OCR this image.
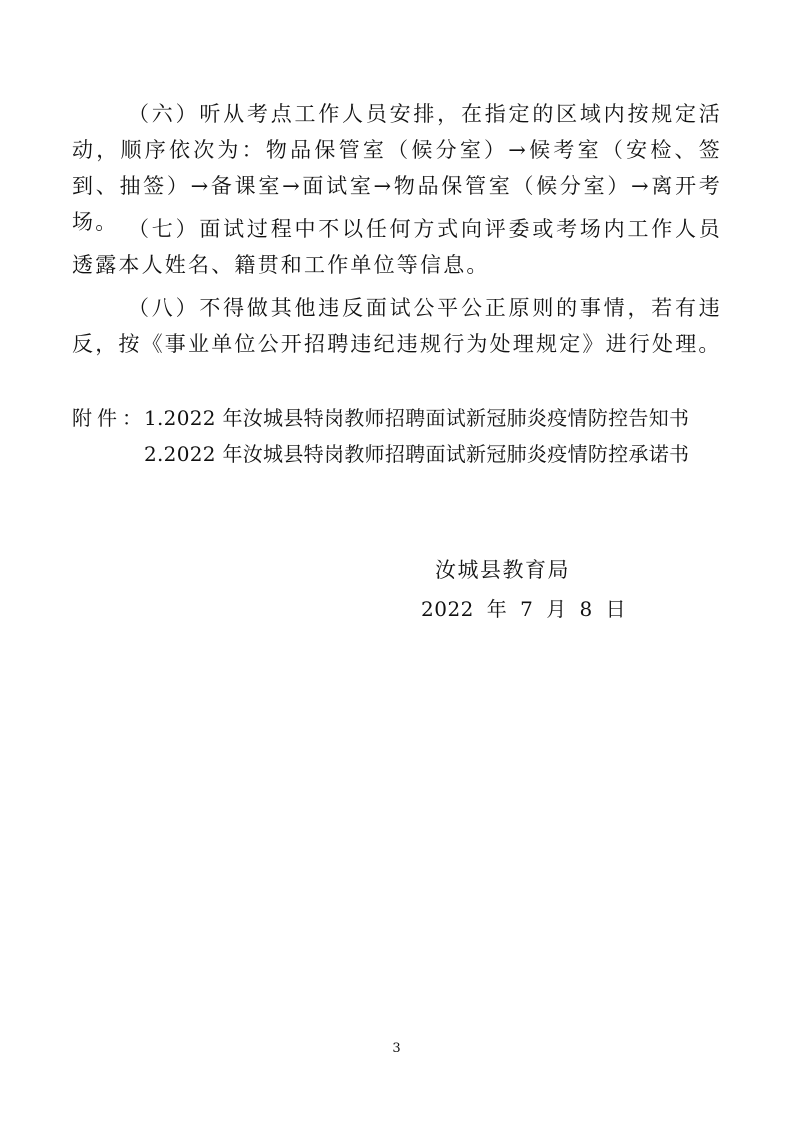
（六）听从考点工作人员安排，在指定的区域内按规定活动，顺序依次为：物品保管室（候分室）→候考室（安检、签到、抽签）→备课室→面试室→物品保管室（候分室）→离开考场。 （七）面试过程中不以任何方式向评委或考场内工作人员透露本人姓名、籍贯和工作单位等信息。

（八）不得做其他违反面试公平公正原则的事情，若有违反，按《事业单位公开招聘违纪违规行为处理规定》进行处理。

附件：
1.2022 年汝城县特岗教师招聘面试新冠肺炎疫情防控告知书
2.2022 年汝城县特岗教师招聘面试新冠肺炎疫情防控承诺书
汝城县教育局
2022 年 7 月 8 日
3
